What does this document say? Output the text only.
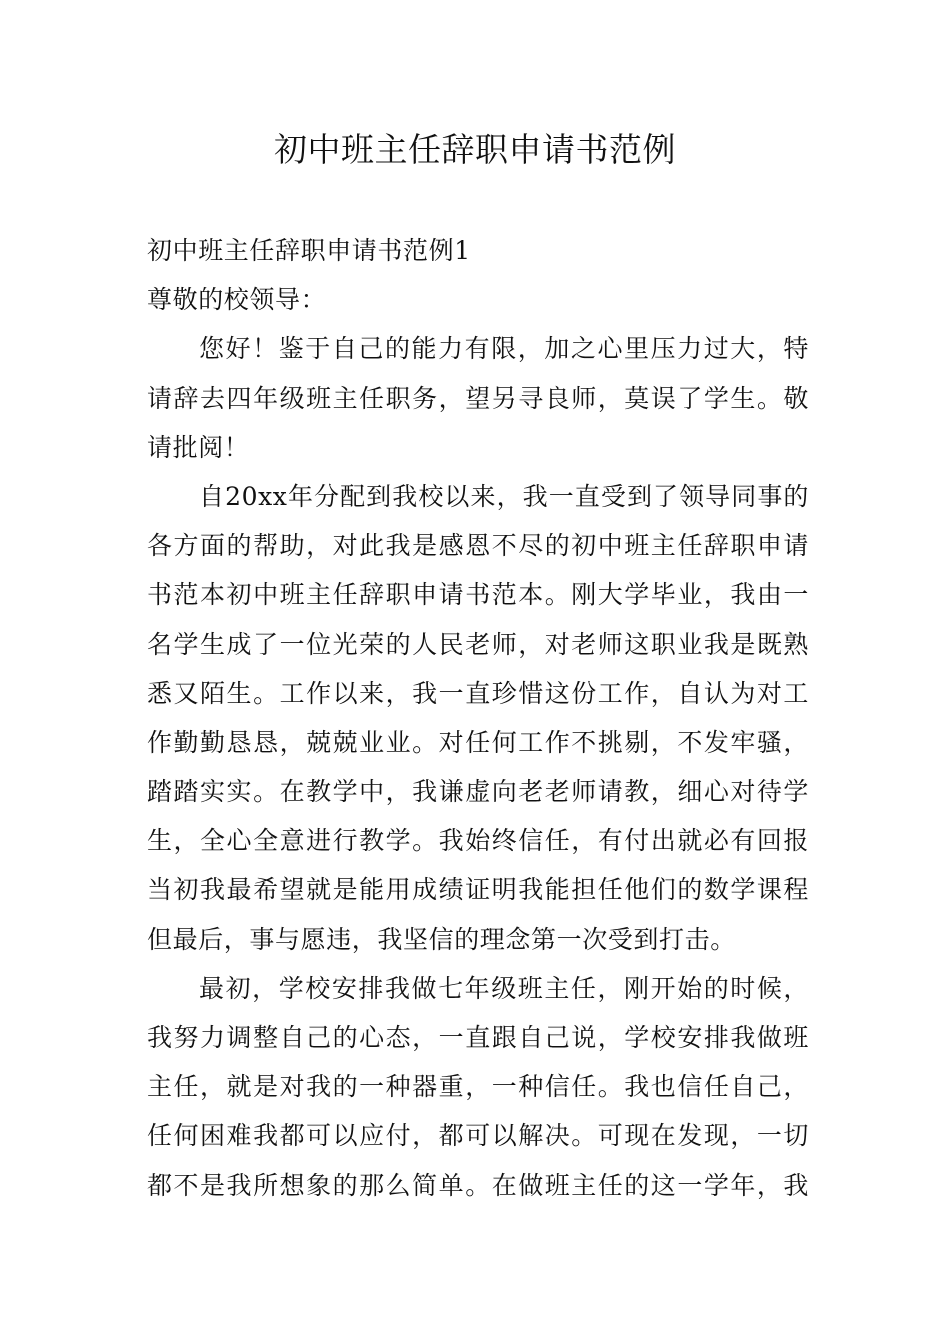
初中班主任辞职申请书范例
初中班主任辞职申请书范例1
尊敬的校领导：
您好！鉴于自己的能力有限，加之心里压力过大，特
请辞去四年级班主任职务，望另寻良师，莫误了学生。敬
请批阅！
自20xx年分配到我校以来，我一直受到了领导同事的
各方面的帮助，对此我是感恩不尽的初中班主任辞职申请
书范本初中班主任辞职申请书范本。刚大学毕业，我由一
名学生成了一位光荣的人民老师，对老师这职业我是既熟
悉又陌生。工作以来，我一直珍惜这份工作，自认为对工
作勤勤恳恳，兢兢业业。对任何工作不挑剔，不发牢骚，
踏踏实实。在教学中，我谦虚向老老师请教，细心对待学
生，全心全意进行教学。我始终信任，有付出就必有回报
当初我最希望就是能用成绩证明我能担任他们的数学课程
但最后，事与愿违，我坚信的理念第一次受到打击。
最初，学校安排我做七年级班主任，刚开始的时候，
我努力调整自己的心态，一直跟自己说，学校安排我做班
主任，就是对我的一种器重，一种信任。我也信任自己，
任何困难我都可以应付，都可以解决。可现在发现，一切
都不是我所想象的那么简单。在做班主任的这一学年，我
